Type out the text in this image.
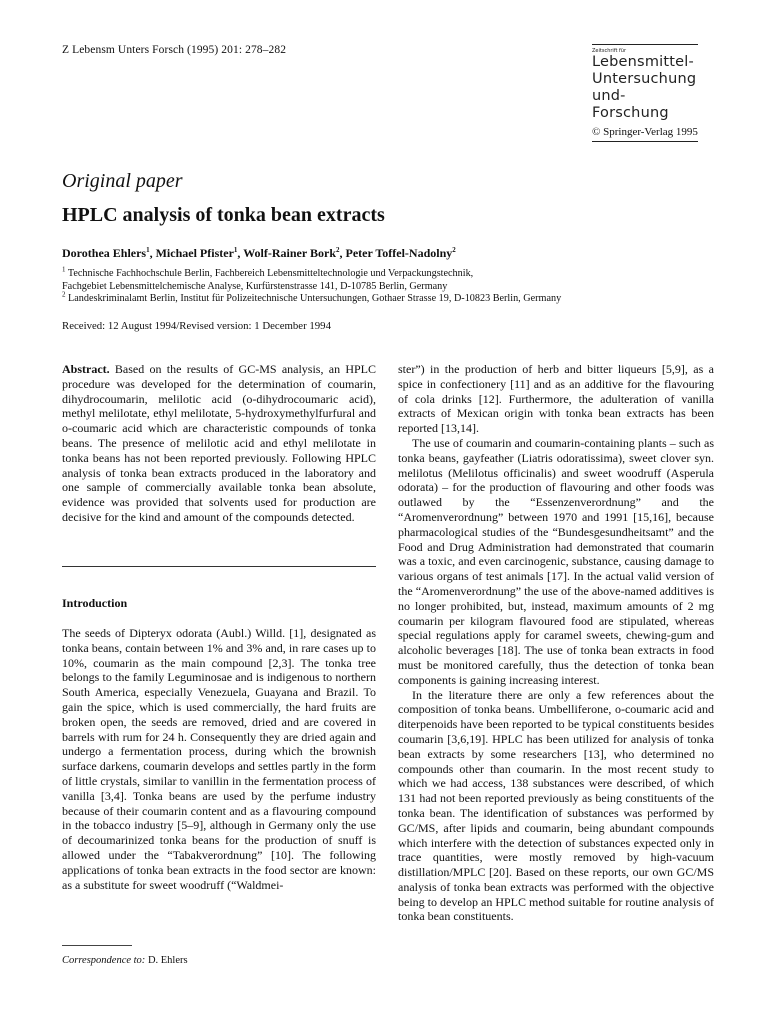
Z Lebensm Unters Forsch (1995) 201: 278–282	Zeitschrift für
Lebensmittel-
Untersuchung
und-Forschung
© Springer-Verlag 1995
Original paper
HPLC analysis of tonka bean extracts
Dorothea Ehlers$^1$, Michael Pfister$^1$, Wolf-Rainer Bork$^2$, Peter Toffel-Nadolny$^2$
$^1$ Technische Fachhochschule Berlin, Fachbereich Lebensmitteltechnologie und Verpackungstechnik,
Fachgebiet Lebensmittelchemische Analyse, Kurfürstenstrasse 141, D-10785 Berlin, Germany
$^2$ Landeskriminalamt Berlin, Institut für Polizeitechnische Untersuchungen, Gothaer Strasse 19, D-10823 Berlin, Germany
Received: 12 August 1994/Revised version: 1 December 1994

Abstract. Based on the results of GC-MS analysis, an HPLC procedure was developed for the determination of coumarin, dihydrocoumarin, melilotic acid (o-dihydrocoumaric acid), methyl melilotate, ethyl melilotate, 5-hydroxymethylfurfural and o-coumaric acid which are characteristic compounds of tonka beans. The presence of melilotic acid and ethyl melilotate in tonka beans has not been reported previously. Following HPLC analysis of tonka bean extracts produced in the laboratory and one sample of commercially available tonka bean absolute, evidence was provided that solvents used for production are decisive for the kind and amount of the compounds detected.

Introduction

The seeds of Dipteryx odorata (Aubl.) Willd. [1], designated as tonka beans, contain between 1% and 3% and, in rare cases up to 10%, coumarin as the main compound [2,3]. The tonka tree belongs to the family Leguminosae and is indigenous to northern South America, especially Venezuela, Guayana and Brazil. To gain the spice, which is used commercially, the hard fruits are broken open, the seeds are removed, dried and are covered in barrels with rum for 24 h. Consequently they are dried again and undergo a fermentation process, during which the brownish surface darkens, coumarin develops and settles partly in the form of little crystals, similar to vanillin in the fermentation process of vanilla [3,4]. Tonka beans are used by the perfume industry because of their coumarin content and as a flavouring compound in the tobacco industry [5–9], although in Germany only the use of decoumarinized tonka beans for the production of snuff is allowed under the “Tabakverordnung” [10]. The following applications of tonka bean extracts in the food sector are known: as a substitute for sweet woodruff (“Waldmei-

Correspondence to: D. Ehlers

ster”) in the production of herb and bitter liqueurs [5,9], as a spice in confectionery [11] and as an additive for the flavouring of cola drinks [12]. Furthermore, the adulteration of vanilla extracts of Mexican origin with tonka bean extracts has been reported [13,14].

The use of coumarin and coumarin-containing plants – such as tonka beans, gayfeather (Liatris odoratissima), sweet clover syn. melilotus (Melilotus officinalis) and sweet woodruff (Asperula odorata) – for the production of flavouring and other foods was outlawed by the “Essenzenverordnung” and the “Aromenverordnung” between 1970 and 1991 [15,16], because pharmacological studies of the “Bundesgesundheitsamt” and the Food and Drug Administration had demonstrated that coumarin was a toxic, and even carcinogenic, substance, causing damage to various organs of test animals [17]. In the actual valid version of the “Aromenverordnung” the use of the above-named additives is no longer prohibited, but, instead, maximum amounts of 2 mg coumarin per kilogram flavoured food are stipulated, whereas special regulations apply for caramel sweets, chewing-gum and alcoholic beverages [18]. The use of tonka bean extracts in food must be monitored carefully, thus the detection of tonka bean components is gaining increasing interest.

In the literature there are only a few references about the composition of tonka beans. Umbelliferone, o-coumaric acid and diterpenoids have been reported to be typical constituents besides coumarin [3,6,19]. HPLC has been utilized for analysis of tonka bean extracts by some researchers [13], who determined no compounds other than coumarin. In the most recent study to which we had access, 138 substances were described, of which 131 had not been reported previously as being constituents of the tonka bean. The identification of substances was performed by GC/MS, after lipids and coumarin, being abundant compounds which interfere with the detection of substances expected only in trace quantities, were mostly removed by high-vacuum distillation/MPLC [20]. Based on these reports, our own GC/MS analysis of tonka bean extracts was performed with the objective being to develop an HPLC method suitable for routine analysis of tonka bean constituents.
